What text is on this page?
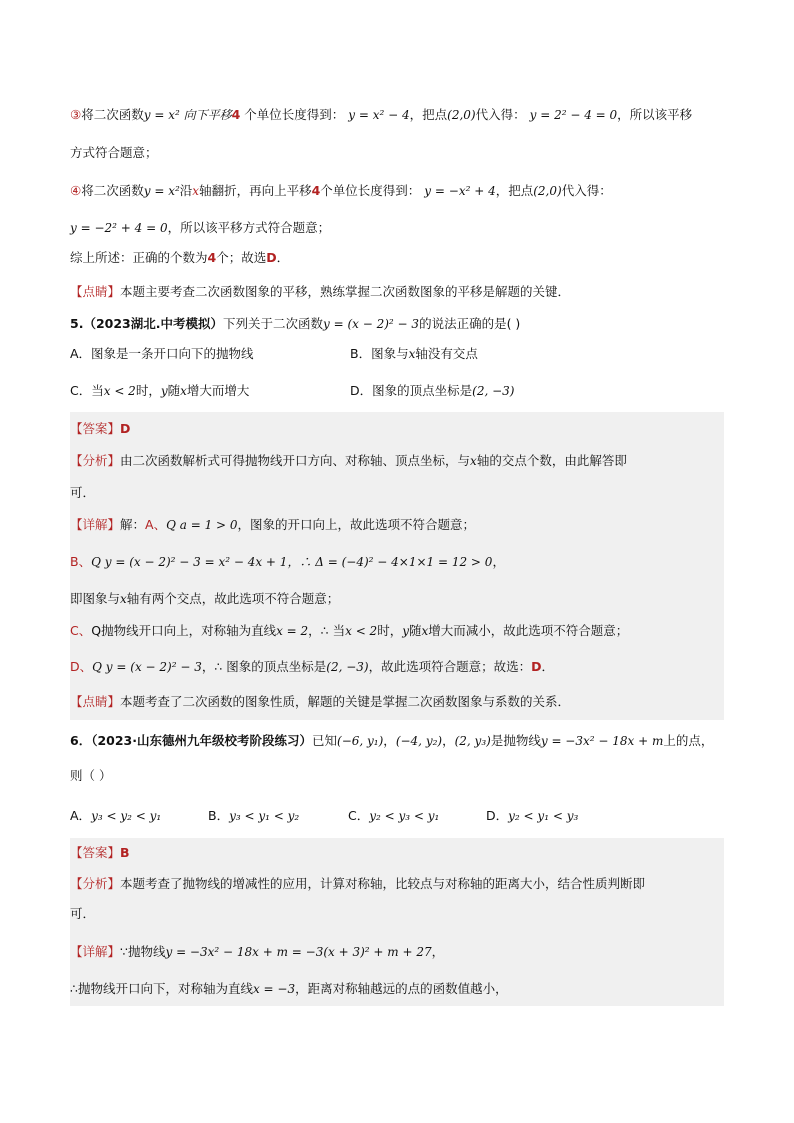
③将二次函数y = x² 向下平移4 个单位长度得到： y = x² − 4，把点(2,0)代入得： y = 2² − 4 = 0，所以该平移
方式符合题意；
④将二次函数y = x²沿x轴翻折，再向上平移4个单位长度得到： y = −x² + 4，把点(2,0)代入得：
y = −2² + 4 = 0，所以该平移方式符合题意；
综上所述：正确的个数为4个；故选D．
【点睛】本题主要考查二次函数图象的平移，熟练掌握二次函数图象的平移是解题的关键．
5.（2023湖北.中考模拟）下列关于二次函数y = (x − 2)² − 3的说法正确的是( )
A．图象是一条开口向下的抛物线	B．图象与x轴没有交点
C．当x < 2时，y随x增大而增大	D．图象的顶点坐标是(2, −3)
【答案】D
【分析】由二次函数解析式可得抛物线开口方向、对称轴、顶点坐标，与x轴的交点个数，由此解答即
可．
【详解】解：A、Q a = 1 > 0，图象的开口向上，故此选项不符合题意；
B、Q y = (x − 2)² − 3 = x² − 4x + 1，∴ Δ = (−4)² − 4×1×1 = 12 > 0，
即图象与x轴有两个交点，故此选项不符合题意；
C、Q抛物线开口向上，对称轴为直线x = 2，∴ 当x < 2时，y随x增大而减小，故此选项不符合题意；
D、Q y = (x − 2)² − 3，∴ 图象的顶点坐标是(2, −3)，故此选项符合题意；故选：D．
【点睛】本题考查了二次函数的图象性质，解题的关键是掌握二次函数图象与系数的关系．
6．（2023·山东德州九年级校考阶段练习）已知(−6, y₁)，(−4, y₂)，(2, y₃)是抛物线y = −3x² − 18x + m上的点，
则（ ）
A．y₃ < y₂ < y₁	B．y₃ < y₁ < y₂	C．y₂ < y₃ < y₁	D．y₂ < y₁ < y₃
【答案】B
【分析】本题考查了抛物线的增减性的应用，计算对称轴，比较点与对称轴的距离大小，结合性质判断即
可．
【详解】∵抛物线y = −3x² − 18x + m = −3(x + 3)² + m + 27，
∴抛物线开口向下，对称轴为直线x = −3，距离对称轴越远的点的函数值越小，
